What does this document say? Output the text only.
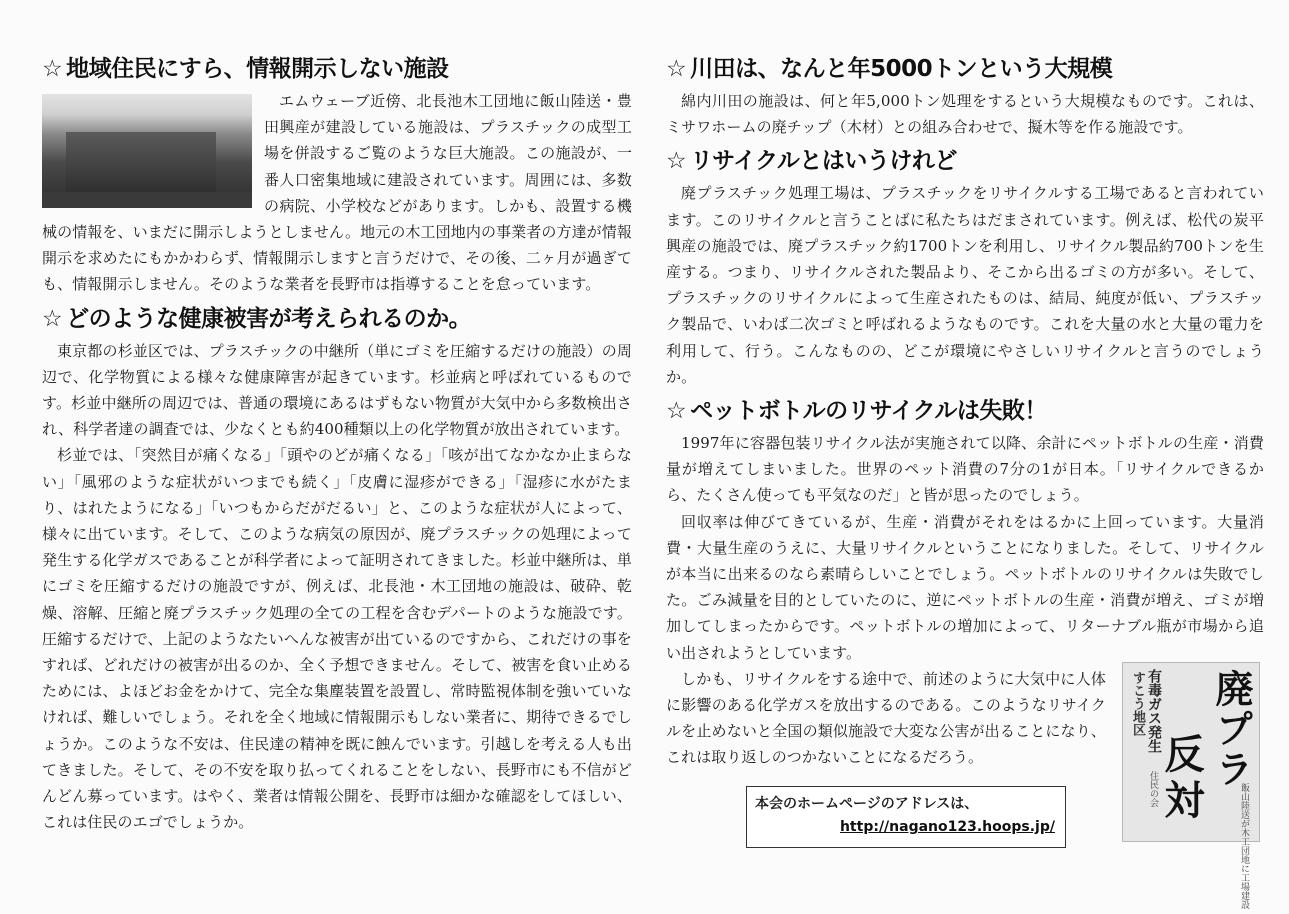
☆ 地域住民にすら、情報開示しない施設

エムウェーブ近傍、北長池木工団地に飯山陸送・豊田興産が建設している施設は、プラスチックの成型工場を併設するご覧のような巨大施設。この施設が、一番人口密集地域に建設されています。周囲には、多数の病院、小学校などがあります。しかも、設置する機械の情報を、いまだに開示しようとしません。地元の木工団地内の事業者の方達が情報開示を求めたにもかかわらず、情報開示しますと言うだけで、その後、二ヶ月が過ぎても、情報開示しません。そのような業者を長野市は指導することを怠っています。

☆ どのような健康被害が考えられるのか。

東京都の杉並区では、プラスチックの中継所（単にゴミを圧縮するだけの施設）の周辺で、化学物質による様々な健康障害が起きています。杉並病と呼ばれているものです。杉並中継所の周辺では、普通の環境にあるはずもない物質が大気中から多数検出され、科学者達の調査では、少なくとも約400種類以上の化学物質が放出されています。

杉並では、「突然目が痛くなる」「頭やのどが痛くなる」「咳が出てなかなか止まらない」「風邪のような症状がいつまでも続く」「皮膚に湿疹ができる」「湿疹に水がたまり、はれたようになる」「いつもからだがだるい」と、このような症状が人によって、様々に出ています。そして、このような病気の原因が、廃プラスチックの処理によって発生する化学ガスであることが科学者によって証明されてきました。杉並中継所は、単にゴミを圧縮するだけの施設ですが、例えば、北長池・木工団地の施設は、破砕、乾燥、溶解、圧縮と廃プラスチック処理の全ての工程を含むデパートのような施設です。圧縮するだけで、上記のようなたいへんな被害が出ているのですから、これだけの事をすれば、どれだけの被害が出るのか、全く予想できません。そして、被害を食い止めるためには、よほどお金をかけて、完全な集塵装置を設置し、常時監視体制を強いていなければ、難しいでしょう。それを全く地域に情報開示もしない業者に、期待できるでしょうか。このような不安は、住民達の精神を既に蝕んでいます。引越しを考える人も出てきました。そして、その不安を取り払ってくれることをしない、長野市にも不信がどんどん募っています。はやく、業者は情報公開を、長野市は細かな確認をしてほしい、これは住民のエゴでしょうか。

☆ 川田は、なんと年5000トンという大規模

綿内川田の施設は、何と年5,000トン処理をするという大規模なものです。これは、ミサワホームの廃チップ（木材）との組み合わせで、擬木等を作る施設です。

☆ リサイクルとはいうけれど

廃プラスチック処理工場は、プラスチックをリサイクルする工場であると言われています。このリサイクルと言うことばに私たちはだまされています。例えば、松代の炭平興産の施設では、廃プラスチック約1700トンを利用し、リサイクル製品約700トンを生産する。つまり、リサイクルされた製品より、そこから出るゴミの方が多い。そして、プラスチックのリサイクルによって生産されたものは、結局、純度が低い、プラスチック製品で、いわば二次ゴミと呼ばれるようなものです。これを大量の水と大量の電力を利用して、行う。こんなものの、どこが環境にやさしいリサイクルと言うのでしょうか。

☆ ペットボトルのリサイクルは失敗！

1997年に容器包装リサイクル法が実施されて以降、余計にペットボトルの生産・消費量が増えてしまいました。世界のペット消費の7分の1が日本。「リサイクルできるから、たくさん使っても平気なのだ」と皆が思ったのでしょう。

回収率は伸びてきているが、生産・消費がそれをはるかに上回っています。大量消費・大量生産のうえに、大量リサイクルということになりました。そして、リサイクルが本当に出来るのなら素晴らしいことでしょう。ペットボトルのリサイクルは失敗でした。ごみ減量を目的としていたのに、逆にペットボトルの生産・消費が増え、ゴミが増加してしまったからです。ペットボトルの増加によって、リターナブル瓶が市場から追い出されようとしています。

しかも、リサイクルをする途中で、前述のように大気中に人体に影響のある化学ガスを放出するのである。このようなリサイクルを止めないと全国の類似施設で大変な公害が出ることになり、これは取り返しのつかないことになるだろう。	廃プラ
反対
有毒ガス発生
飯山陸送が木工団地に工場建設
すこう地区
住民の会
本会のホームページのアドレスは、
http://nagano123.hoops.jp/
